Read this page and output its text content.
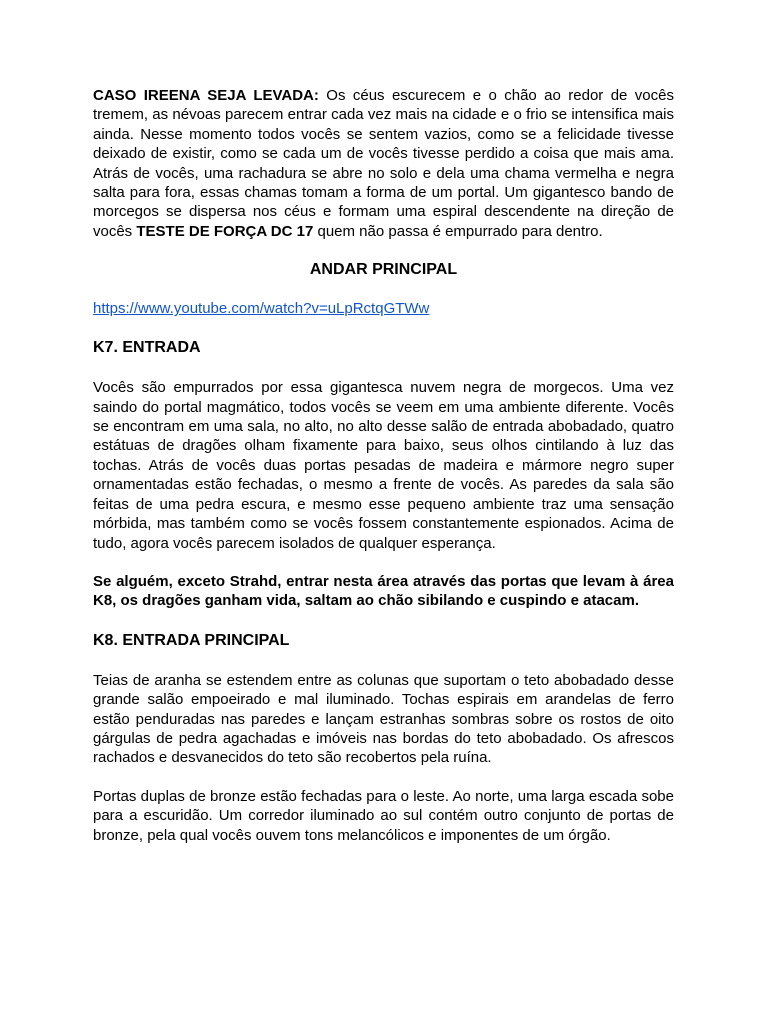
CASO IREENA SEJA LEVADA: Os céus escurecem e o chão ao redor de vocês tremem, as névoas parecem entrar cada vez mais na cidade e o frio se intensifica mais ainda. Nesse momento todos vocês se sentem vazios, como se a felicidade tivesse deixado de existir, como se cada um de vocês tivesse perdido a coisa que mais ama. Atrás de vocês, uma rachadura se abre no solo e dela uma chama vermelha e negra salta para fora, essas chamas tomam a forma de um portal. Um gigantesco bando de morcegos se dispersa nos céus e formam uma espiral descendente na direção de vocês TESTE DE FORÇA DC 17 quem não passa é empurrado para dentro.

ANDAR PRINCIPAL
https://www.youtube.com/watch?v=uLpRctqGTWw
K7. ENTRADA

Vocês são empurrados por essa gigantesca nuvem negra de morgecos. Uma vez saindo do portal magmático, todos vocês se veem em uma ambiente diferente. Vocês se encontram em uma sala, no alto, no alto desse salão de entrada abobadado, quatro estátuas de dragões olham fixamente para baixo, seus olhos cintilando à luz das tochas. Atrás de vocês duas portas pesadas de madeira e mármore negro super ornamentadas estão fechadas, o mesmo a frente de vocês. As paredes da sala são feitas de uma pedra escura, e mesmo esse pequeno ambiente traz uma sensação mórbida, mas também como se vocês fossem constantemente espionados. Acima de tudo, agora vocês parecem isolados de qualquer esperança.

Se alguém, exceto Strahd, entrar nesta área através das portas que levam à área K8, os dragões ganham vida, saltam ao chão sibilando e cuspindo e atacam.

K8. ENTRADA PRINCIPAL

Teias de aranha se estendem entre as colunas que suportam o teto abobadado desse grande salão empoeirado e mal iluminado. Tochas espirais em arandelas de ferro estão penduradas nas paredes e lançam estranhas sombras sobre os rostos de oito gárgulas de pedra agachadas e imóveis nas bordas do teto abobadado. Os afrescos rachados e desvanecidos do teto são recobertos pela ruína.

Portas duplas de bronze estão fechadas para o leste. Ao norte, uma larga escada sobe para a escuridão. Um corredor iluminado ao sul contém outro conjunto de portas de bronze, pela qual vocês ouvem tons melancólicos e imponentes de um órgão.
